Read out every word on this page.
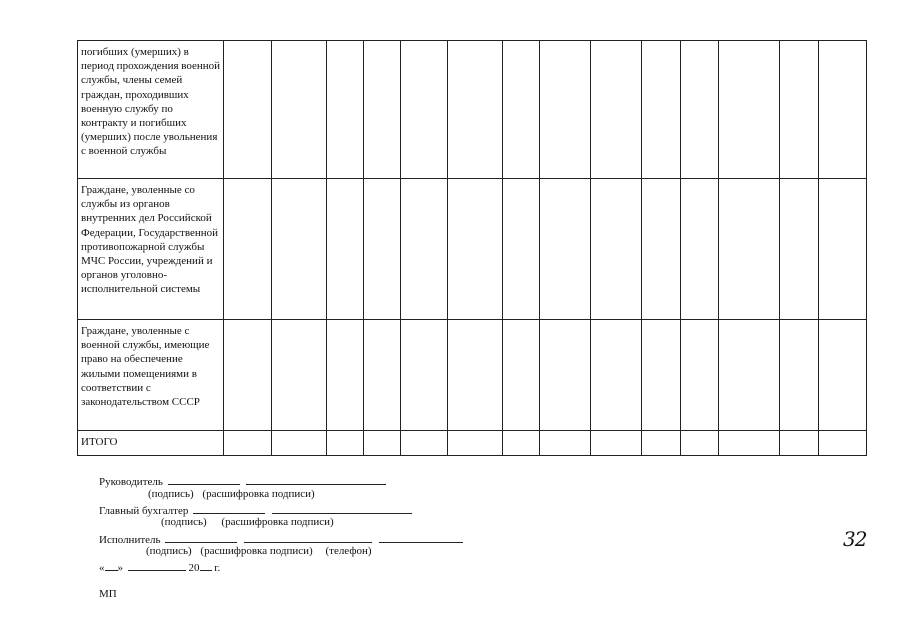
погибших (умерших) в период прохождения военной службы, члены семей граждан, проходивших военную службу по контракту и погибших (умерших) после увольнения с военной службы														
Граждане, уволенные со службы из органов внутренних дел Российской Федерации, Государственной противопожарной службы МЧС России, учреждений и органов уголовно-исполнительной системы														
Граждане, уволенные с военной службы, имеющие право на обеспечение жилыми помещениями в соответствии с законодательством СССР														
ИТОГО														
Руководитель
(подпись) (расшифровка подписи)
Главный бухгалтер
(подпись) (расшифровка подписи)
Исполнитель
(подпись) (расшифровка подписи) (телефон)
« »	20 г.
МП
32
